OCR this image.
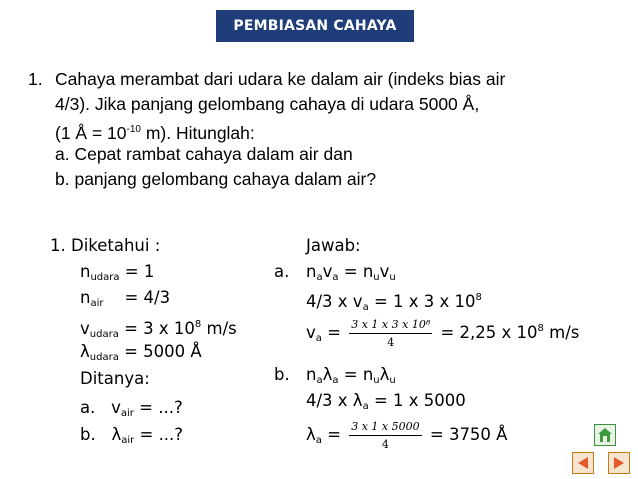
PEMBIASAN CAHAYA
1. Cahaya merambat dari udara ke dalam air (indeks bias air
4/3). Jika panjang gelombang cahaya di udara 5000 Å,
(1 Å = $10^{-10}$ m). Hitunglah:
a. Cepat rambat cahaya dalam air dan
b. panjang gelombang cahaya dalam air?
1. Diketahui :
$n_{udara} = 1$
$n_{air}$    = 4/3
$v_{udara} = 3$ x $10^8$ m/s
$\lambda_{udara} = 5000$ Å
Ditanya:
a.   $v_{air}$ = ...?
b.   $\lambda_{air}$ = ...?
Jawab:
a. $n_av_a = n_uv_u$
4/3 x $v_a = 1$ x 3 x $10^8$
$v_a = \frac{\text{3 x 1 x 3 x 10⁸}}{4} = 2,25$ x $10^8$ m/s
b. $n_a\lambda_a = n_u\lambda_u$
4/3 x $\lambda_a = 1$ x 5000
$\lambda_a = \frac{3 x 1 x 5000}{4} = 3750$ Å
